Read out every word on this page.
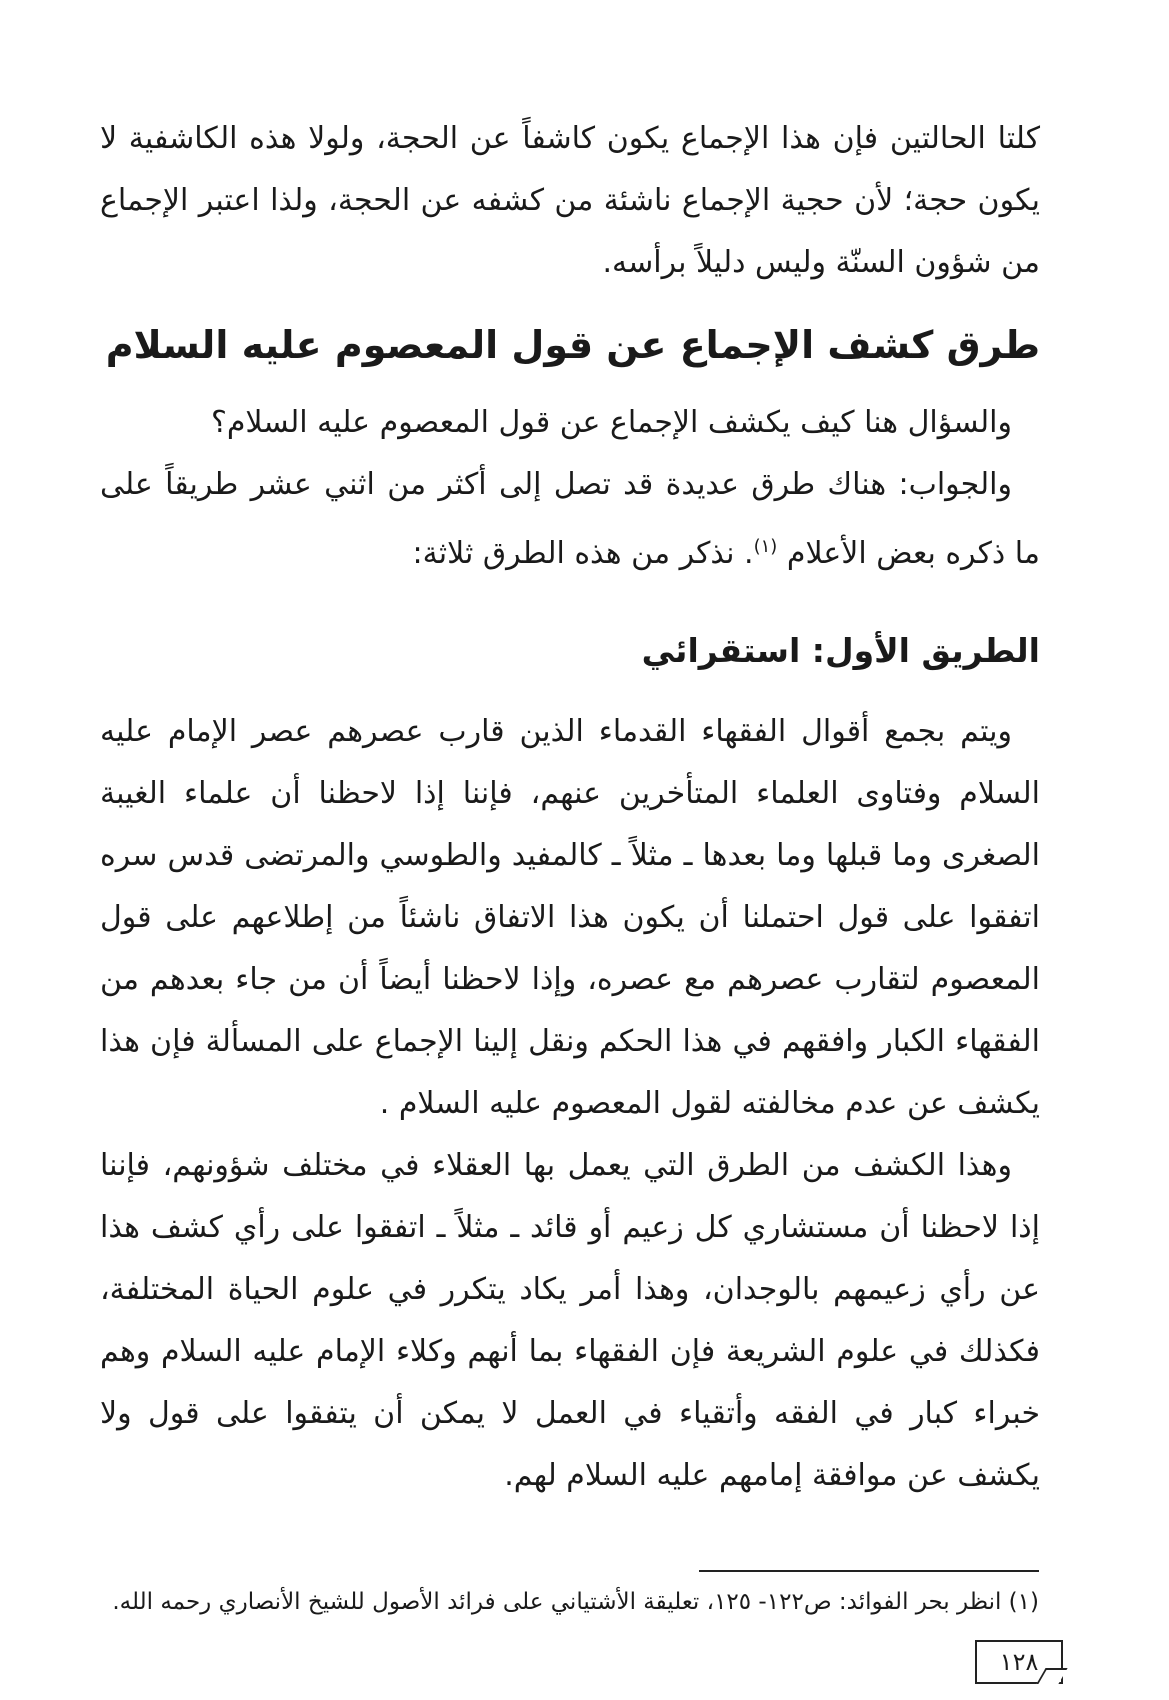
كلتا الحالتين فإن هذا الإجماع يكون كاشفاً عن الحجة، ولولا هذه الكاشفية لا يكون حجة؛ لأن حجية الإجماع ناشئة من كشفه عن الحجة، ولذا اعتبر الإجماع من شؤون السنّة وليس دليلاً برأسه.

طرق كشف الإجماع عن قول المعصوم عليه السلام

والسؤال هنا كيف يكشف الإجماع عن قول المعصوم عليه السلام؟

والجواب: هناك طرق عديدة قد تصل إلى أكثر من اثني عشر طريقاً على ما ذكره بعض الأعلام $^{(١)}$. نذكر من هذه الطرق ثلاثة:

الطريق الأول: استقرائي

ويتم بجمع أقوال الفقهاء القدماء الذين قارب عصرهم عصر الإمام عليه السلام وفتاوى العلماء المتأخرين عنهم، فإننا إذا لاحظنا أن علماء الغيبة الصغرى وما قبلها وما بعدها ـ مثلاً ـ كالمفيد والطوسي والمرتضى قدس سره اتفقوا على قول احتملنا أن يكون هذا الاتفاق ناشئاً من إطلاعهم على قول المعصوم لتقارب عصرهم مع عصره، وإذا لاحظنا أيضاً أن من جاء بعدهم من الفقهاء الكبار وافقهم في هذا الحكم ونقل إلينا الإجماع على المسألة فإن هذا يكشف عن عدم مخالفته لقول المعصوم عليه السلام .

وهذا الكشف من الطرق التي يعمل بها العقلاء في مختلف شؤونهم، فإننا إذا لاحظنا أن مستشاري كل زعيم أو قائد ـ مثلاً ـ اتفقوا على رأي كشف هذا عن رأي زعيمهم بالوجدان، وهذا أمر يكاد يتكرر في علوم الحياة المختلفة، فكذلك في علوم الشريعة فإن الفقهاء بما أنهم وكلاء الإمام عليه السلام وهم خبراء كبار في الفقه وأتقياء في العمل لا يمكن أن يتفقوا على قول ولا يكشف عن موافقة إمامهم عليه السلام لهم.

(١) انظر بحر الفوائد: ص١٢٢- ١٢٥، تعليقة الأشتياني على فرائد الأصول للشيخ الأنصاري رحمه الله.
١٢٨
